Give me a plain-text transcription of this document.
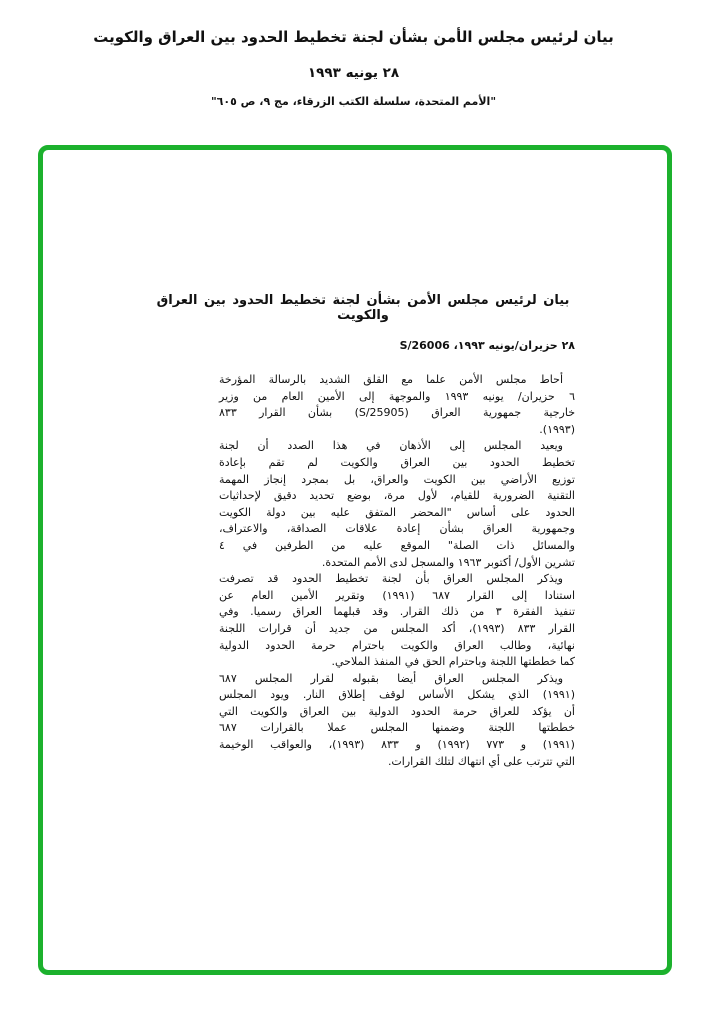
بيان لرئيس مجلس الأمن بشأن لجنة تخطيط الحدود بين العراق والكويت
٢٨ يونيه ١٩٩٣
"الأمم المتحدة، سلسلة الكتب الزرقاء، مج ٩، ص ٦٠٥"
بيان لرئيس مجلس الأمن بشأن لجنة تخطيط الحدود بين العراق والكويت
٢٨ حزيران/يونيه ١٩٩٣، S/26006
أحاط مجلس الأمن علما مع القلق الشديد بالرسالة المؤرخة
٦ حزيران/ يونيه ١٩٩٣ والموجهة إلى الأمين العام من وزير
خارجية جمهورية العراق (S/25905) بشأن القرار ٨٣٣
(١٩٩٣).
ويعيد المجلس إلى الأذهان في هذا الصدد أن لجنة
تخطيط الحدود بين العراق والكويت لم تقم بإعادة
توزيع الأراضي بين الكويت والعراق، بل بمجرد إنجاز المهمة
التقنية الضرورية للقيام، لأول مرة، بوضع تحديد دقيق لإحداثيات
الحدود على أساس "المحضر المتفق عليه بين دولة الكويت
وجمهورية العراق بشأن إعادة علاقات الصداقة، والاعتراف،
والمسائل ذات الصلة" الموقع عليه من الطرفين في ٤
تشرين الأول/ أكتوبر ١٩٦٣ والمسجل لدى الأمم المتحدة.
ويذكر المجلس العراق بأن لجنة تخطيط الحدود قد تصرفت
استنادا إلى القرار ٦٨٧ (١٩٩١) وتقرير الأمين العام عن
تنفيذ الفقرة ٣ من ذلك القرار. وقد قبلهما العراق رسميا. وفي
القرار ٨٣٣ (١٩٩٣)، أكد المجلس من جديد أن قرارات اللجنة
نهائية، وطالب العراق والكويت باحترام حرمة الحدود الدولية
كما خططتها اللجنة وباحترام الحق في المنفذ الملاحي.
ويذكر المجلس العراق أيضا بقبوله لقرار المجلس ٦٨٧
(١٩٩١) الذي يشكل الأساس لوقف إطلاق النار. ويود المجلس
أن يؤكد للعراق حرمة الحدود الدولية بين العراق والكويت التي
خططتها اللجنة وضمنها المجلس عملا بالقرارات ٦٨٧
(١٩٩١) و ٧٧٣ (١٩٩٢) و ٨٣٣ (١٩٩٣)، والعواقب الوخيمة
التي تترتب على أي انتهاك لتلك القرارات.
